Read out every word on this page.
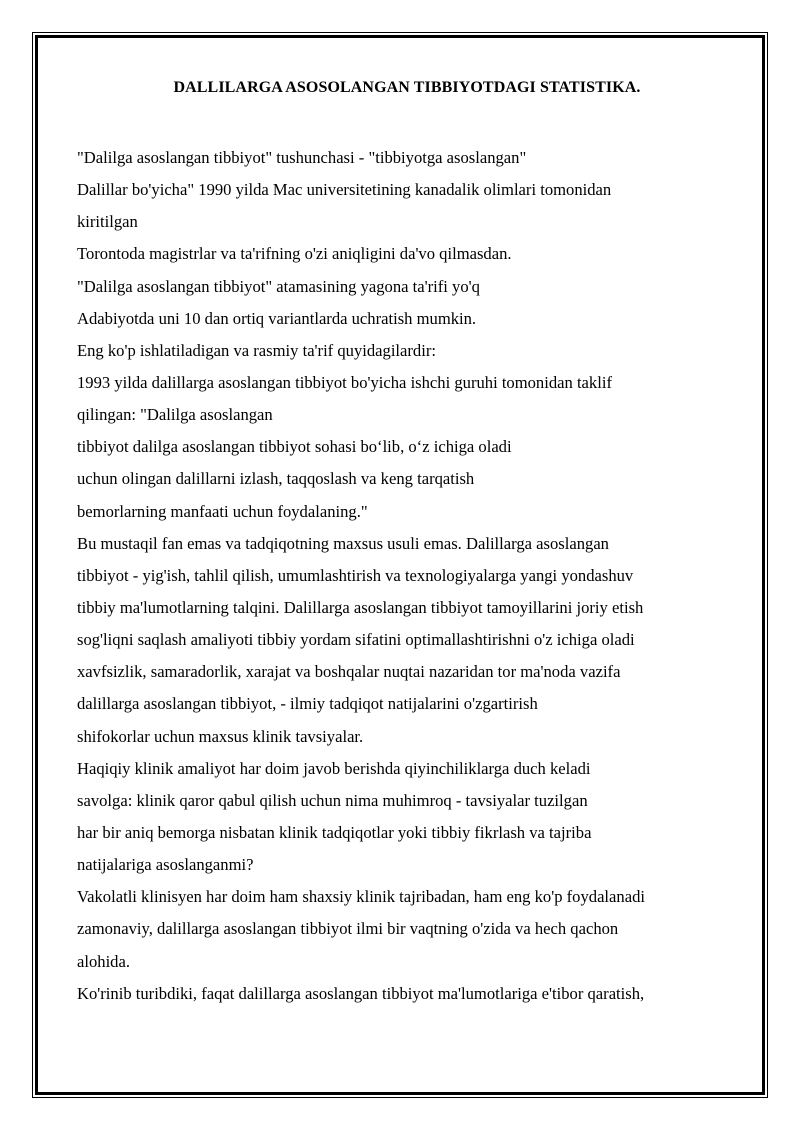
DALLILARGA ASOSOLANGAN TIBBIYOTDAGI STATISTIKA.
"Dalilga asoslangan tibbiyot" tushunchasi - "tibbiyotga asoslangan"
Dalillar bo'yicha" 1990 yilda Mac universitetining kanadalik olimlari tomonidan
kiritilgan
Torontoda magistrlar va ta'rifning o'zi aniqligini da'vo qilmasdan.
"Dalilga asoslangan tibbiyot" atamasining yagona ta'rifi yo'q
Adabiyotda uni 10 dan ortiq variantlarda uchratish mumkin.
Eng ko'p ishlatiladigan va rasmiy ta'rif quyidagilardir:
1993 yilda dalillarga asoslangan tibbiyot bo'yicha ishchi guruhi tomonidan taklif
qilingan: "Dalilga asoslangan
tibbiyot dalilga asoslangan tibbiyot sohasi bo‘lib, o‘z ichiga oladi
uchun olingan dalillarni izlash, taqqoslash va keng tarqatish
bemorlarning manfaati uchun foydalaning."
Bu mustaqil fan emas va tadqiqotning maxsus usuli emas. Dalillarga asoslangan
tibbiyot - yig'ish, tahlil qilish, umumlashtirish va texnologiyalarga yangi yondashuv
tibbiy ma'lumotlarning talqini. Dalillarga asoslangan tibbiyot tamoyillarini joriy etish
sog'liqni saqlash amaliyoti tibbiy yordam sifatini optimallashtirishni o'z ichiga oladi
xavfsizlik, samaradorlik, xarajat va boshqalar nuqtai nazaridan tor ma'noda vazifa
dalillarga asoslangan tibbiyot, - ilmiy tadqiqot natijalarini o'zgartirish
shifokorlar uchun maxsus klinik tavsiyalar.
Haqiqiy klinik amaliyot har doim javob berishda qiyinchiliklarga duch keladi
savolga: klinik qaror qabul qilish uchun nima muhimroq - tavsiyalar tuzilgan
har bir aniq bemorga nisbatan klinik tadqiqotlar yoki tibbiy fikrlash va tajriba
natijalariga asoslanganmi?
Vakolatli klinisyen har doim ham shaxsiy klinik tajribadan, ham eng ko'p foydalanadi
zamonaviy, dalillarga asoslangan tibbiyot ilmi bir vaqtning o'zida va hech qachon
alohida.
Ko'rinib turibdiki, faqat dalillarga asoslangan tibbiyot ma'lumotlariga e'tibor qaratish,
